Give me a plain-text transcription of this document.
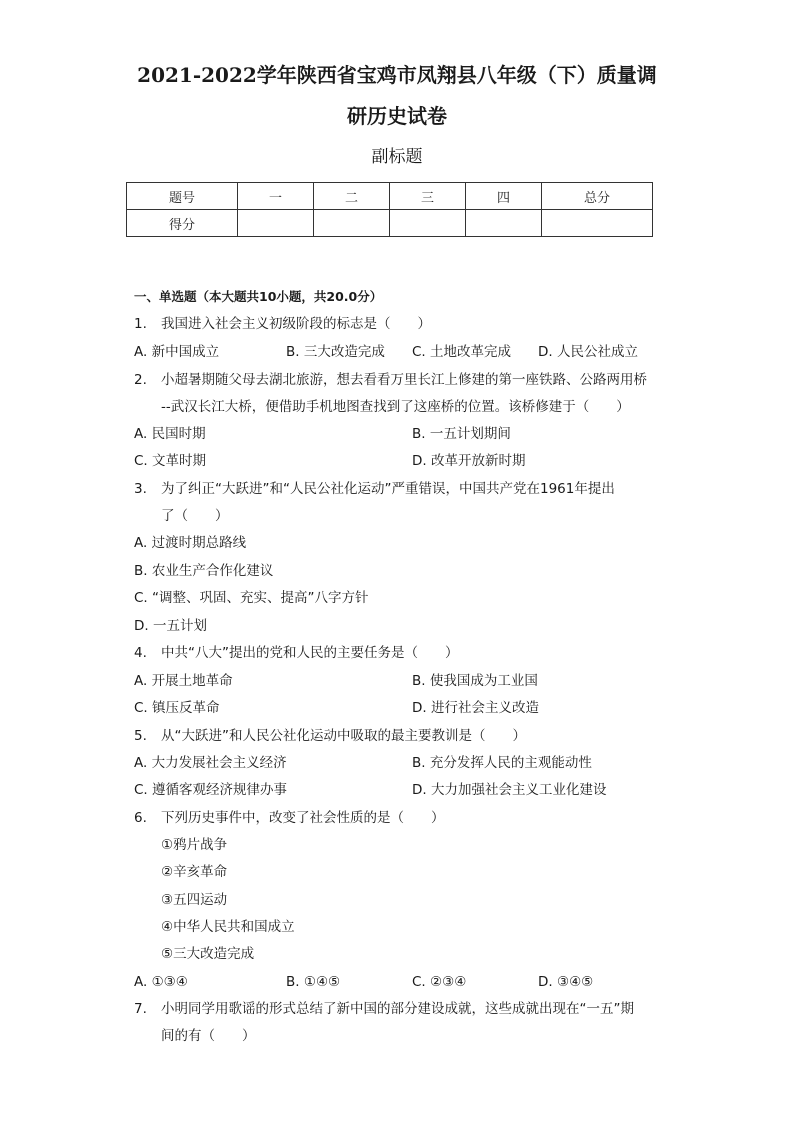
2021-2022学年陕西省宝鸡市凤翔县八年级（下）质量调
研历史试卷
副标题
题号	一	二	三	四	总分
得分					
一、单选题（本大题共10小题，共20.0分）
1. 我国进入社会主义初级阶段的标志是（　　）
A. 新中国成立	B. 三大改造完成 C. 土地改革完成 D. 人民公社成立
2. 小超暑期随父母去湖北旅游，想去看看万里长江上修建的第一座铁路、公路两用桥
--武汉长江大桥，便借助手机地图查找到了这座桥的位置。该桥修建于（　　）
A. 民国时期	B. 一五计划期间
C. 文革时期	D. 改革开放新时期
3. 为了纠正“大跃进”和“人民公社化运动”严重错误，中国共产党在1961年提出
了（　　）
A. 过渡时期总路线
B. 农业生产合作化建议
C. “调整、巩固、充实、提高”八字方针
D. 一五计划
4. 中共“八大”提出的党和人民的主要任务是（　　）
A. 开展土地革命	B. 使我国成为工业国
C. 镇压反革命	D. 进行社会主义改造
5. 从“大跃进”和人民公社化运动中吸取的最主要教训是（　　）
A. 大力发展社会主义经济	B. 充分发挥人民的主观能动性
C. 遵循客观经济规律办事	D. 大力加强社会主义工业化建设
6. 下列历史事件中，改变了社会性质的是（　　）
①鸦片战争
②辛亥革命
③五四运动
④中华人民共和国成立
⑤三大改造完成
A. ①③④	B. ①④⑤	C. ②③④	D. ③④⑤
7. 小明同学用歌谣的形式总结了新中国的部分建设成就，这些成就出现在“一五”期
间的有（　　）
